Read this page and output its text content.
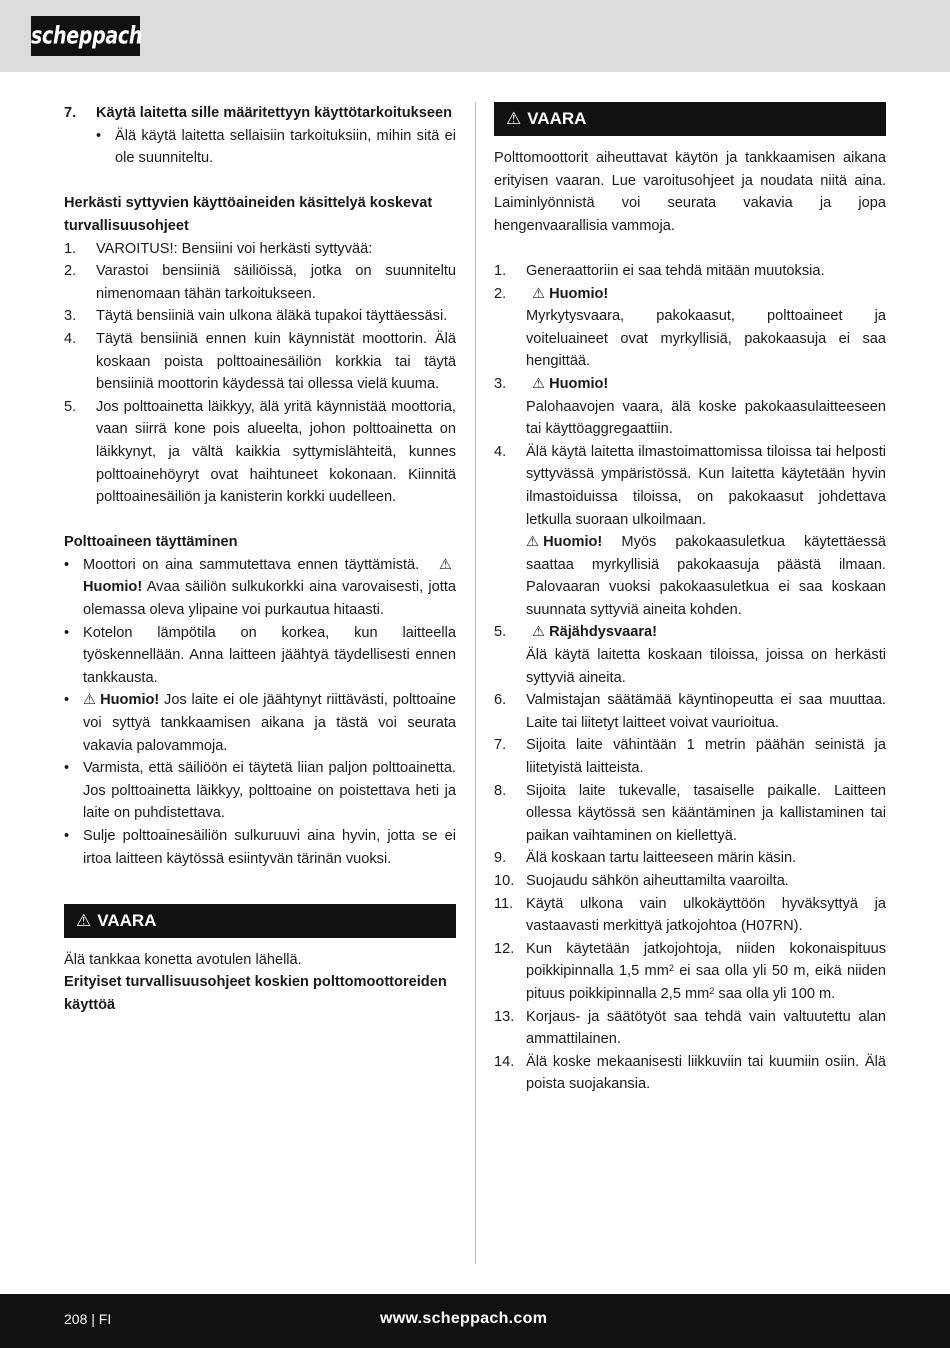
scheppach
7.	Käytä laitetta sille määritettyyn käyttötarkoitukseen
• Älä käytä laitetta sellaisiin tarkoituksiin, mihin sitä ei ole suunniteltu.
Herkästi syttyvien käyttöaineiden käsittelyä koskevat turvallisuusohjeet
1.	VAROITUS!: Bensiini voi herkästi syttyvää:
2.	Varastoi bensiiniä säiliöissä, jotka on suunniteltu nimenomaan tähän tarkoitukseen.
3.	Täytä bensiiniä vain ulkona äläkä tupakoi täyttäessäsi.
4.	Täytä bensiiniä ennen kuin käynnistät moottorin. Älä koskaan poista polttoainesäiliön korkkia tai täytä bensiiniä moottorin käydessä tai ollessa vielä kuuma.
5.	Jos polttoainetta läikkyy, älä yritä käynnistää moottoria, vaan siirrä kone pois alueelta, johon polttoainetta on läikkynyt, ja vältä kaikkia syttymislähteitä, kunnes polttoainehöyryt ovat haihtuneet kokonaan. Kiinnitä polttoainesäiliön ja kanisterin korkki uudelleen.
Polttoaineen täyttäminen
• Moottori on aina sammutettava ennen täyttämistä.   ⚠Huomio! Avaa säiliön sulkukorkki aina varovaisesti, jotta olemassa oleva ylipaine voi purkautua hitaasti.
• Kotelon lämpötila on korkea, kun laitteella työskennellään. Anna laitteen jäähtyä täydellisesti ennen tankkausta.
• ⚠ Huomio! Jos laite ei ole jäähtynyt riittävästi, polttoaine voi syttyä tankkaamisen aikana ja tästä voi seurata vakavia palovammoja.
• Varmista, että säiliöön ei täytetä liian paljon polttoainetta. Jos polttoainetta läikkyy, polttoaine on poistettava heti ja laite on puhdistettava.
• Sulje polttoainesäiliön sulkuruuvi aina hyvin, jotta se ei irtoa laitteen käytössä esiintyvän tärinän vuoksi.
⚠ VAARA

Älä tankkaa konetta avotulen lähellä.

Erityiset turvallisuusohjeet koskien polttomoottoreiden käyttöä
⚠ VAARA

Polttomoottorit aiheuttavat käytön ja tankkaamisen aikana erityisen vaaran. Lue varoitusohjeet ja noudata niitä aina. Laiminlyönnistä voi seurata vakavia ja jopa hengenvaarallisia vammoja.

1.	Generaattoriin ei saa tehdä mitään muutoksia.
2.	⚠ Huomio!
Myrkytysvaara, pakokaasut, polttoaineet ja voiteluaineet ovat myrkyllisiä, pakokaasuja ei saa hengittää.
3.	⚠ Huomio!
Palohaavojen vaara, älä koske pakokaasulaitteeseen tai käyttöaggregaattiin.
4.	Älä käytä laitetta ilmastoimattomissa tiloissa tai helposti syttyvässä ympäristössä. Kun laitetta käytetään hyvin ilmastoiduissa tiloissa, on pakokaasut johdettava letkulla suoraan ulkoilmaan.
⚠ Huomio! Myös pakokaasuletkua käytettäessä saattaa myrkyllisiä pakokaasuja päästä ilmaan. Palovaaran vuoksi pakokaasuletkua ei saa koskaan suunnata syttyviä aineita kohden.
5.	⚠ Räjähdysvaara!
Älä käytä laitetta koskaan tiloissa, joissa on herkästi syttyviä aineita.
6.	Valmistajan säätämää käyntinopeutta ei saa muuttaa. Laite tai liitetyt laitteet voivat vaurioitua.
7.	Sijoita laite vähintään 1 metrin päähän seinistä ja liitetyistä laitteista.
8.	Sijoita laite tukevalle, tasaiselle paikalle. Laitteen ollessa käytössä sen kääntäminen ja kallistaminen tai paikan vaihtaminen on kiellettyä.
9.	Älä koskaan tartu laitteeseen märin käsin.
10. Suojaudu sähkön aiheuttamilta vaaroilta.
11. Käytä ulkona vain ulkokäyttöön hyväksyttyä ja vastaavasti merkittyä jatkojohtoa (H07RN).
12. Kun käytetään jatkojohtoja, niiden kokonaispituus poikkipinnalla 1,5 $mm^2$ ei saa olla yli 50 m, eikä niiden pituus poikkipinnalla 2,5 $mm^2$ saa olla yli 100 m.
13. Korjaus- ja säätötyöt saa tehdä vain valtuutettu alan ammattilainen.
14. Älä koske mekaanisesti liikkuviin tai kuumiin osiin. Älä poista suojakansia.
208 | FI	www.scheppach.com
